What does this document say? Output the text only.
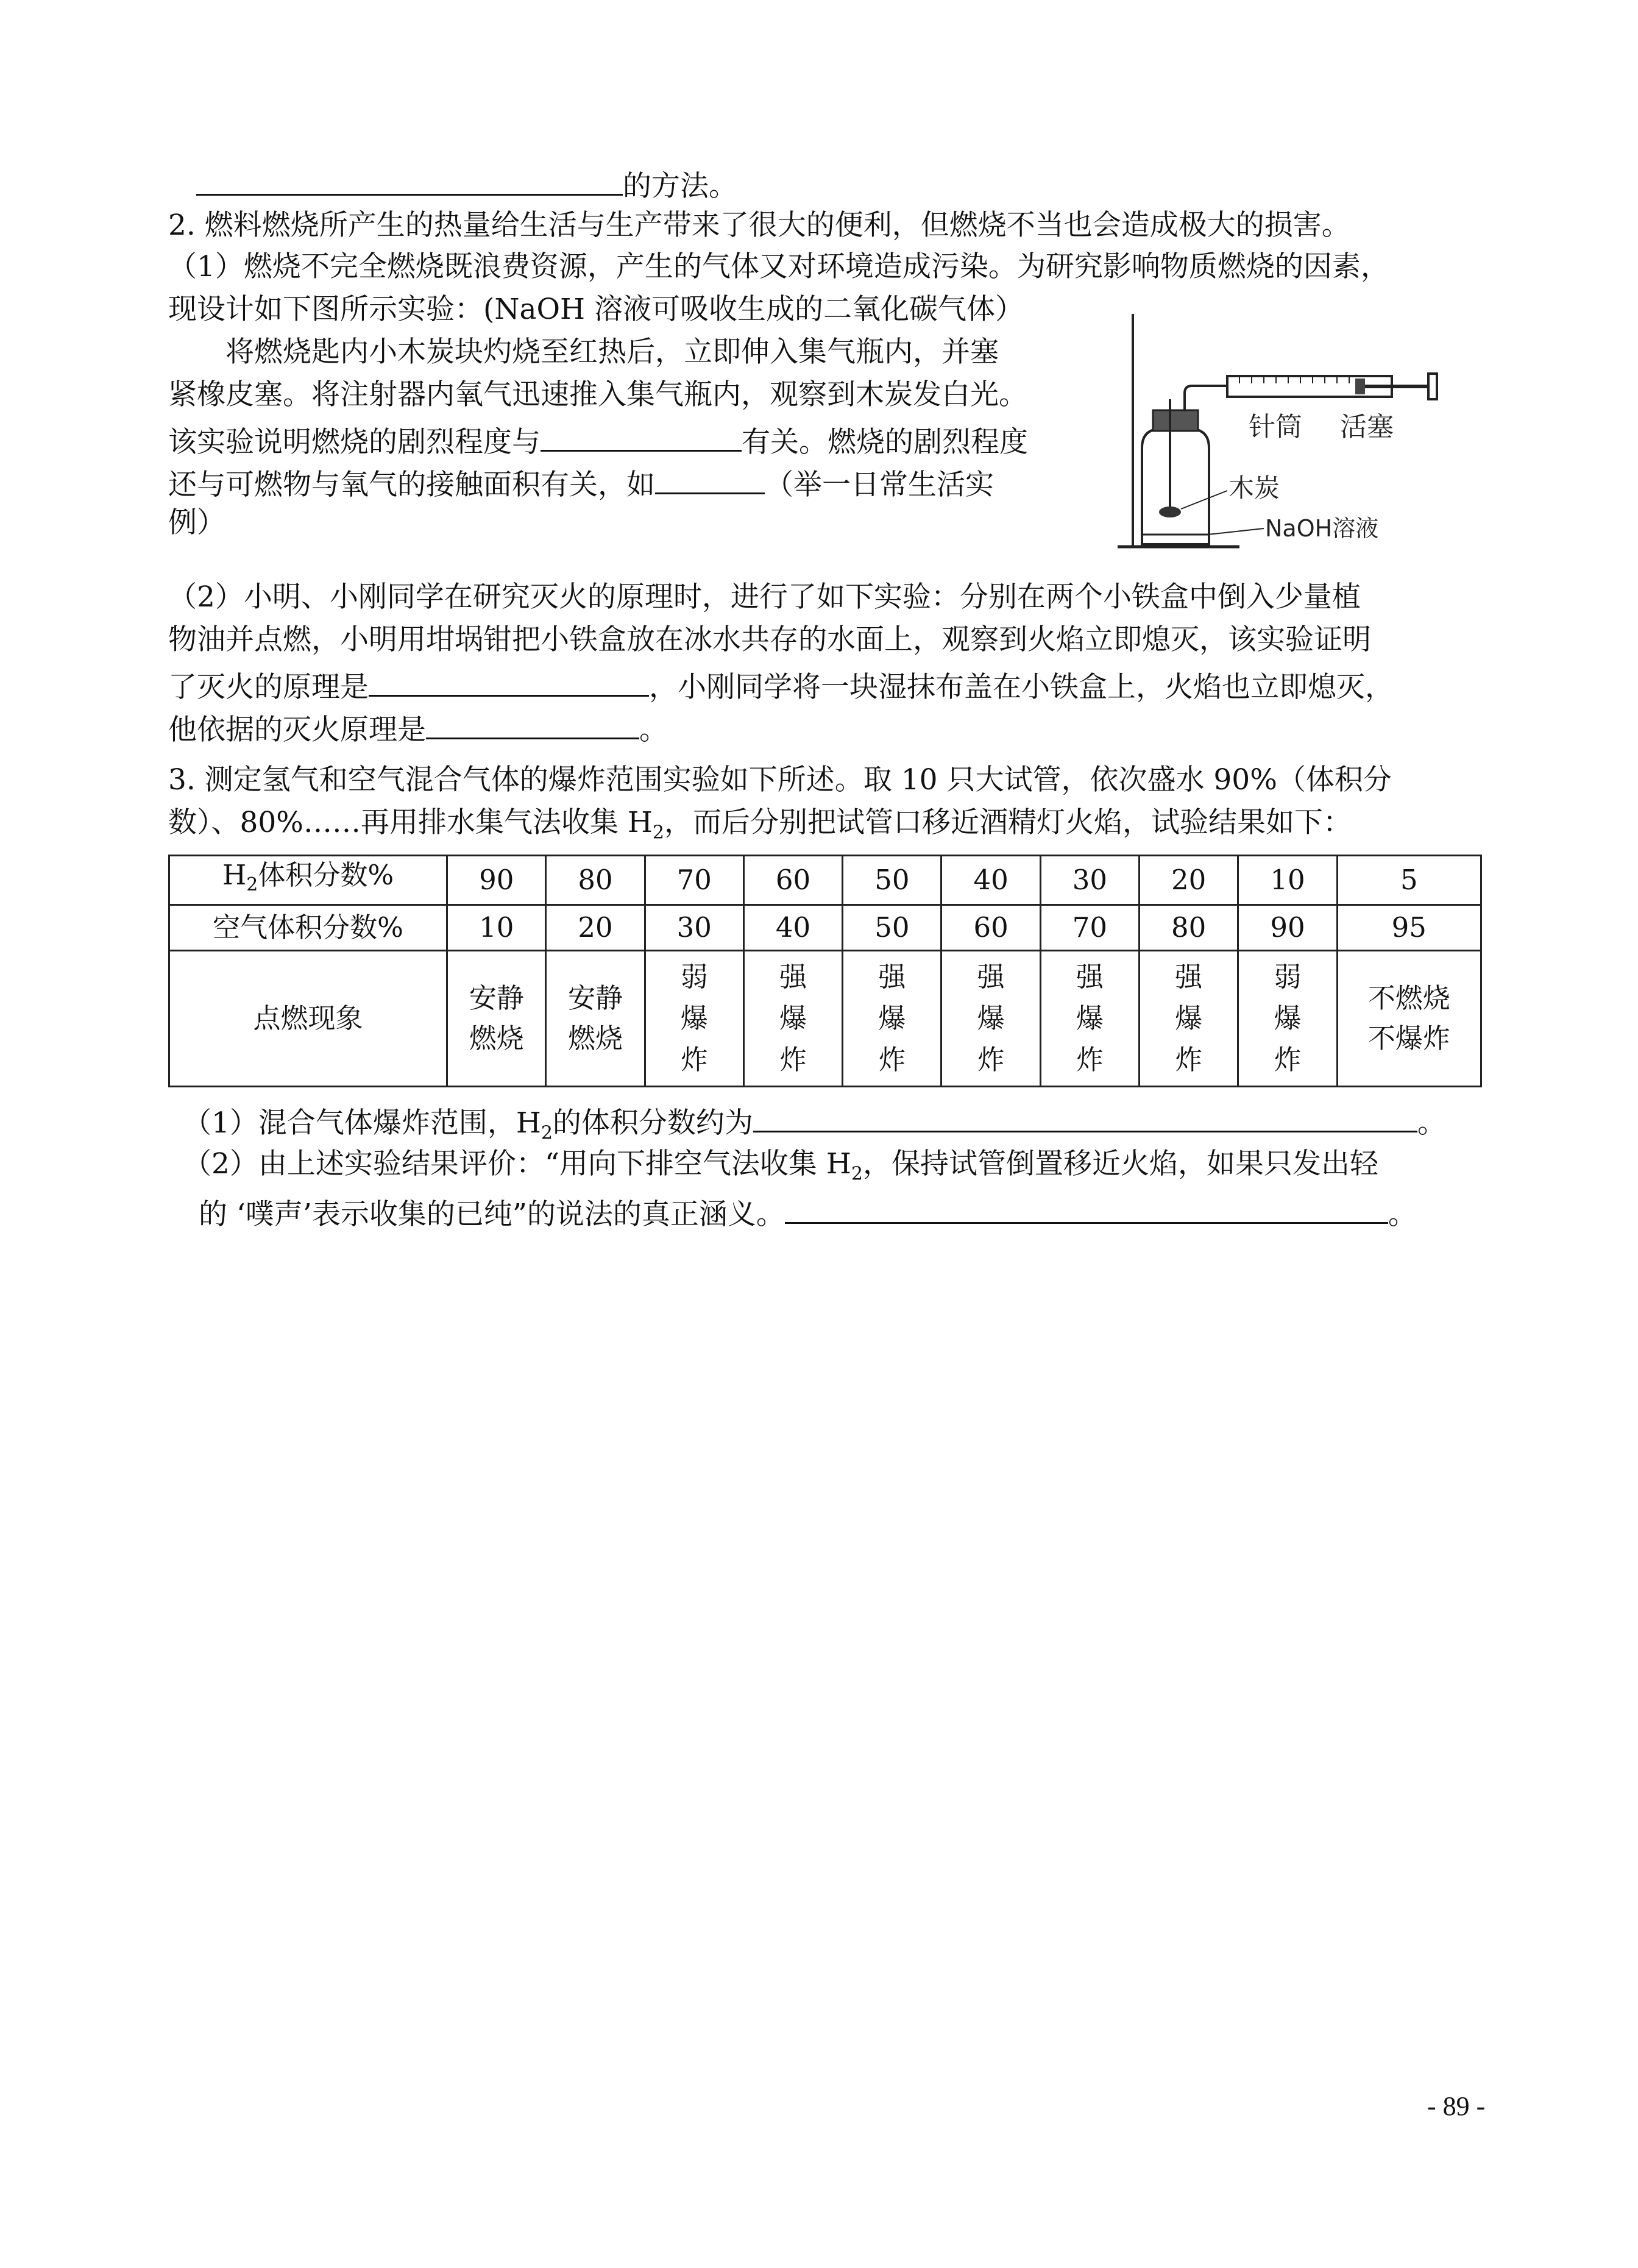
的方法。
2. 燃料燃烧所产生的热量给生活与生产带来了很大的便利，但燃烧不当也会造成极大的损害。
（1）燃烧不完全燃烧既浪费资源，产生的气体又对环境造成污染。为研究影响物质燃烧的因素，
现设计如下图所示实验：(NaOH 溶液可吸收生成的二氧化碳气体）
将燃烧匙内小木炭块灼烧至红热后，立即伸入集气瓶内，并塞
紧橡皮塞。将注射器内氧气迅速推入集气瓶内，观察到木炭发白光。
该实验说明燃烧的剧烈程度与	有关。燃烧的剧烈程度
还与可燃物与氧气的接触面积有关，如	（举一日常生活实
例）
针筒 活塞
木炭
NaOH溶液
（2）小明、小刚同学在研究灭火的原理时，进行了如下实验：分别在两个小铁盒中倒入少量植
物油并点燃，小明用坩埚钳把小铁盒放在冰水共存的水面上，观察到火焰立即熄灭，该实验证明
了灭火的原理是	，小刚同学将一块湿抹布盖在小铁盒上，火焰也立即熄灭，
他依据的灭火原理是	。
3. 测定氢气和空气混合气体的爆炸范围实验如下所述。取 10 只大试管，依次盛水 90%（体积分
数）、80%……再用排水集气法收集 $H_2$，而后分别把试管口移近酒精灯火焰，试验结果如下：
$H_2$体积分数%	90	80	70	60	50	40	30	20	10	5
空气体积分数%	10	20	30	40	50	60	70	80	90	95
点燃现象	安静燃烧	安静燃烧	弱爆炸	强爆炸	强爆炸	强爆炸	强爆炸	强爆炸	弱爆炸	不燃烧不爆炸
（1）混合气体爆炸范围，$H_2$的体积分数约为	。
（2）由上述实验结果评价：“用向下排空气法收集 $H_2$，保持试管倒置移近火焰，如果只发出轻
的 ‘噗声’表示收集的已纯”的说法的真正涵义。	。
- 89 -
